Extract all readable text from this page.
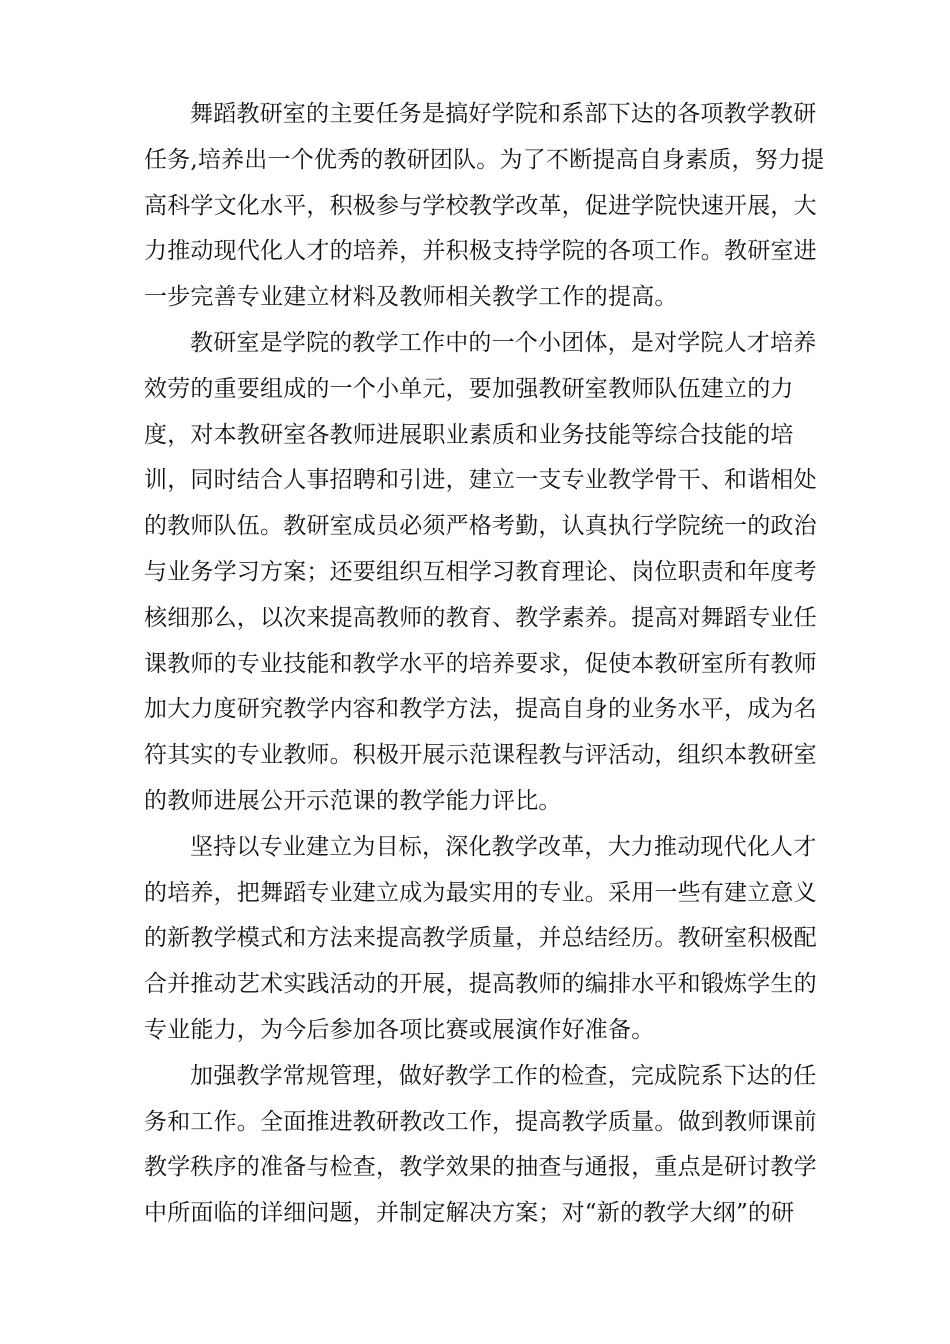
舞蹈教研室的主要任务是搞好学院和系部下达的各项教学教研
任务,培养出一个优秀的教研团队。为了不断提高自身素质，努力提
高科学文化水平，积极参与学校教学改革，促进学院快速开展，大
力推动现代化人才的培养，并积极支持学院的各项工作。教研室进
一步完善专业建立材料及教师相关教学工作的提高。
教研室是学院的教学工作中的一个小团体，是对学院人才培养
效劳的重要组成的一个小单元，要加强教研室教师队伍建立的力
度，对本教研室各教师进展职业素质和业务技能等综合技能的培
训，同时结合人事招聘和引进，建立一支专业教学骨干、和谐相处
的教师队伍。教研室成员必须严格考勤，认真执行学院统一的政治
与业务学习方案；还要组织互相学习教育理论、岗位职责和年度考
核细那么，以次来提高教师的教育、教学素养。提高对舞蹈专业任
课教师的专业技能和教学水平的培养要求，促使本教研室所有教师
加大力度研究教学内容和教学方法，提高自身的业务水平，成为名
符其实的专业教师。积极开展示范课程教与评活动，组织本教研室
的教师进展公开示范课的教学能力评比。
坚持以专业建立为目标，深化教学改革，大力推动现代化人才
的培养，把舞蹈专业建立成为最实用的专业。采用一些有建立意义
的新教学模式和方法来提高教学质量，并总结经历。教研室积极配
合并推动艺术实践活动的开展，提高教师的编排水平和锻炼学生的
专业能力，为今后参加各项比赛或展演作好准备。
加强教学常规管理，做好教学工作的检查，完成院系下达的任
务和工作。全面推进教研教改工作，提高教学质量。做到教师课前
教学秩序的准备与检查，教学效果的抽查与通报，重点是研讨教学
中所面临的详细问题，并制定解决方案；对“新的教学大纲”的研
